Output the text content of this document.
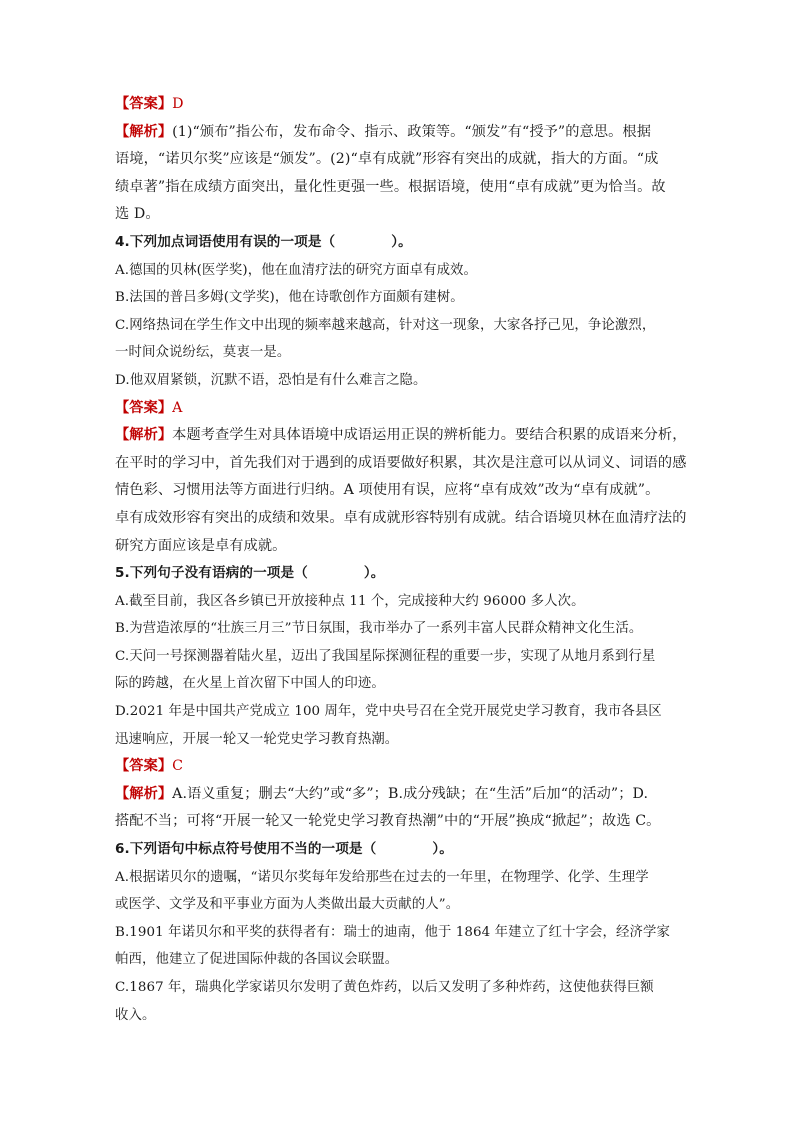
【答案】D
【解析】(1)“颁布”指公布，发布命令、指示、政策等。“颁发”有“授予”的意思。根据
语境，“诺贝尔奖”应该是“颁发”。(2)“卓有成就”形容有突出的成就，指大的方面。“成
绩卓著”指在成绩方面突出，量化性更强一些。根据语境，使用“卓有成就”更为恰当。故
选 D。
4.下列加点词语使用有误的一项是（	）。
A.德国的贝林(医学奖)，他在血清疗法的研究方面卓有成效。
B.法国的普吕多姆(文学奖)，他在诗歌创作方面颇有建树。
C.网络热词在学生作文中出现的频率越来越高，针对这一现象，大家各抒己见，争论激烈，
一时间众说纷纭，莫衷一是。
D.他双眉紧锁，沉默不语，恐怕是有什么难言之隐。
【答案】A
【解析】本题考查学生对具体语境中成语运用正误的辨析能力。要结合积累的成语来分析，
在平时的学习中，首先我们对于遇到的成语要做好积累，其次是注意可以从词义、词语的感
情色彩、习惯用法等方面进行归纳。A 项使用有误，应将“卓有成效”改为“卓有成就”。
卓有成效形容有突出的成绩和效果。卓有成就形容特别有成就。结合语境贝林在血清疗法的
研究方面应该是卓有成就。
5.下列句子没有语病的一项是（	）。
A.截至目前，我区各乡镇已开放接种点 11 个，完成接种大约 96000 多人次。
B.为营造浓厚的“壮族三月三”节日氛围，我市举办了一系列丰富人民群众精神文化生活。
C.天问一号探测器着陆火星，迈出了我国星际探测征程的重要一步，实现了从地月系到行星
际的跨越，在火星上首次留下中国人的印迹。
D.2021 年是中国共产党成立 100 周年，党中央号召在全党开展党史学习教育，我市各县区
迅速响应，开展一轮又一轮党史学习教育热潮。
【答案】C
【解析】A.语义重复；删去“大约”或“多”；B.成分残缺；在“生活”后加“的活动”；D.
搭配不当；可将“开展一轮又一轮党史学习教育热潮”中的“开展”换成“掀起”；故选 C。
6.下列语句中标点符号使用不当的一项是（	）。
A.根据诺贝尔的遗嘱，“诺贝尔奖每年发给那些在过去的一年里，在物理学、化学、生理学
或医学、文学及和平事业方面为人类做出最大贡献的人”。
B.1901 年诺贝尔和平奖的获得者有：瑞士的迪南，他于 1864 年建立了红十字会，经济学家
帕西，他建立了促进国际仲裁的各国议会联盟。
C.1867 年，瑞典化学家诺贝尔发明了黄色炸药，以后又发明了多种炸药，这使他获得巨额
收入。
